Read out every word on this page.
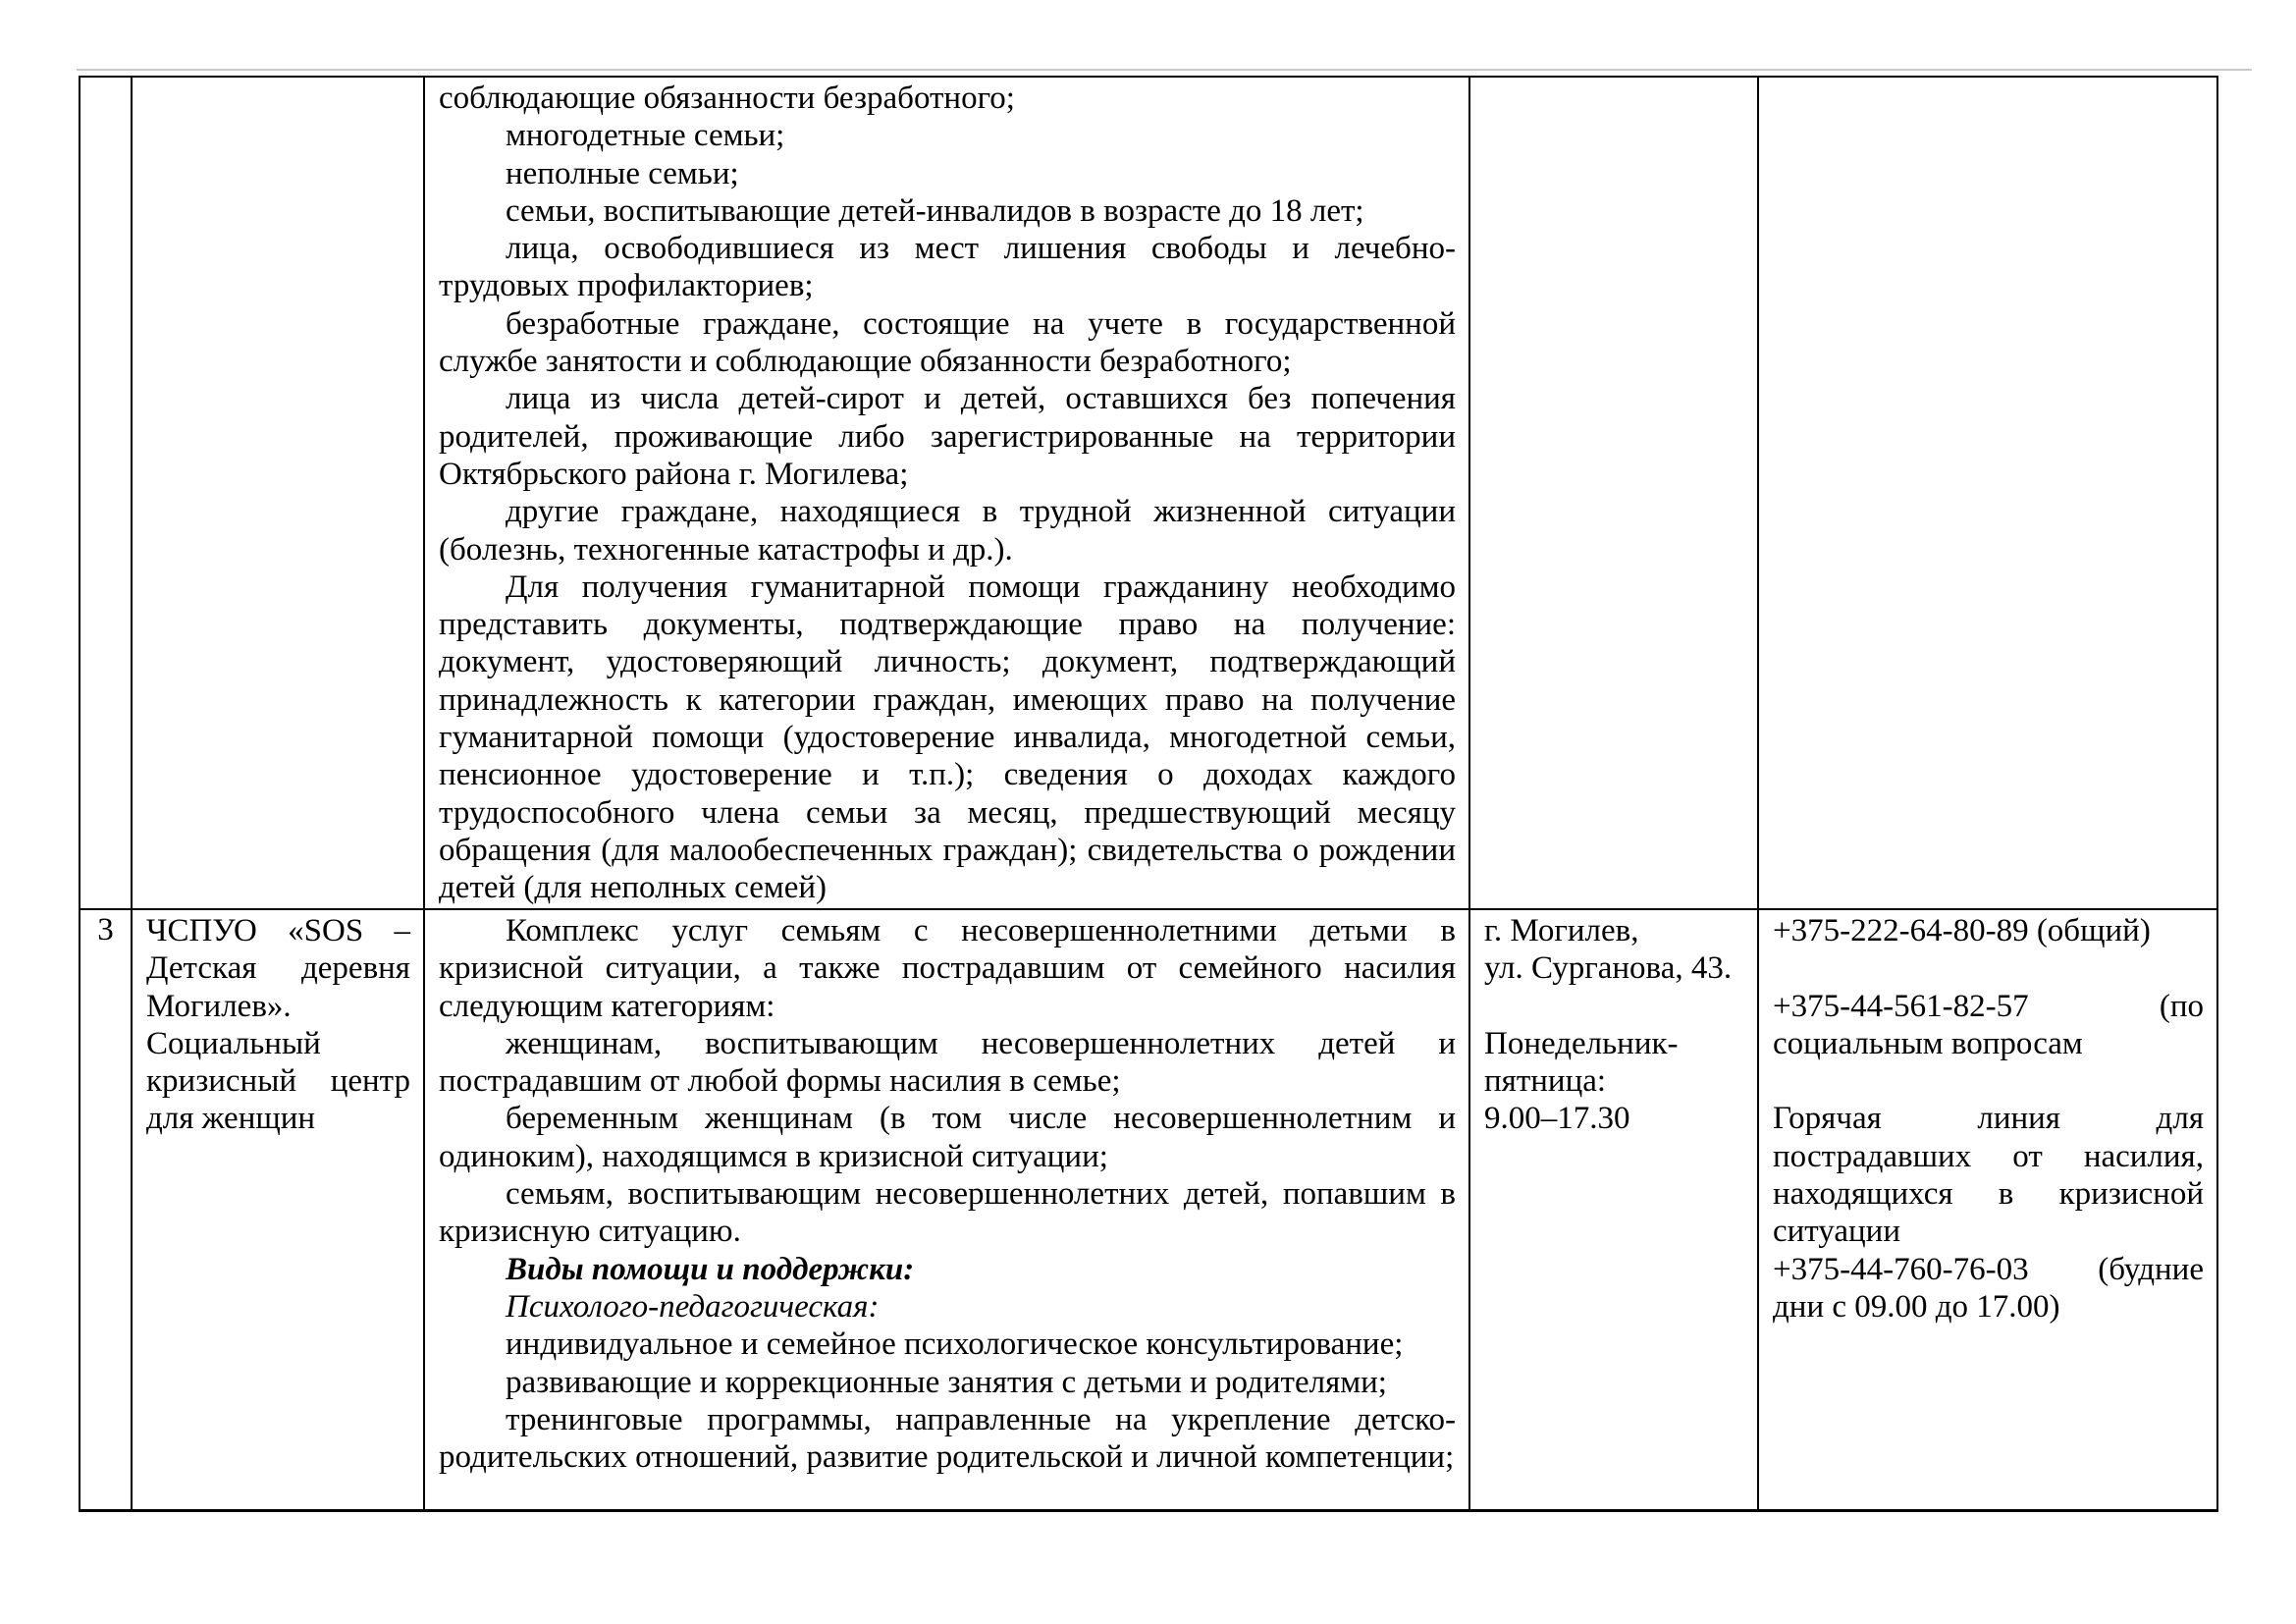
соблюдающие обязанности безработного;
многодетные семьи;
неполные семьи;
семьи, воспитывающие детей-инвалидов в возрасте до 18 лет;
лица, освободившиеся из мест лишения свободы и лечебно-трудовых профилакториев;
безработные граждане, состоящие на учете в государственной службе занятости и соблюдающие обязанности безработного;
лица из числа детей-сирот и детей, оставшихся без попечения родителей, проживающие либо зарегистрированные на территории Октябрьского района г. Могилева;
другие граждане, находящиеся в трудной жизненной ситуации (болезнь, техногенные катастрофы и др.).
Для получения гуманитарной помощи гражданину необходимо представить документы, подтверждающие право на получение: документ, удостоверяющий личность; документ, подтверждающий принадлежность к категории граждан, имеющих право на получение гуманитарной помощи (удостоверение инвалида, многодетной семьи, пенсионное удостоверение и т.п.); сведения о доходах каждого трудоспособного члена семьи за месяц, предшествующий месяцу обращения (для малообеспеченных граждан); свидетельства о рождении детей (для неполных семей)
3	ЧСПУО «SOS –
Детская деревня
Могилев».
Социальный
кризисный центр
для женщин
Комплекс услуг семьям с несовершеннолетними детьми в кризисной ситуации, а также пострадавшим от семейного насилия следующим категориям:
женщинам, воспитывающим несовершеннолетних детей и пострадавшим от любой формы насилия в семье;
беременным женщинам (в том числе несовершеннолетним и одиноким), находящимся в кризисной ситуации;
семьям, воспитывающим несовершеннолетних детей, попавшим в кризисную ситуацию.
Виды помощи и поддержки:
Психолого-педагогическая:
индивидуальное и семейное психологическое консультирование;
развивающие и коррекционные занятия с детьми и родителями;
тренинговые программы, направленные на укрепление детско-родительских отношений, развитие родительской и личной компетенции;
г. Могилев,
ул. Сурганова, 43.
Понедельник-
пятница:
9.00–17.30
+375-222-64-80-89 (общий)
+375-44-561-82-57 (по
социальным вопросам
Горячая линия для
пострадавших от насилия,
находящихся в кризисной
ситуации
+375-44-760-76-03 (будние
дни с 09.00 до 17.00)
